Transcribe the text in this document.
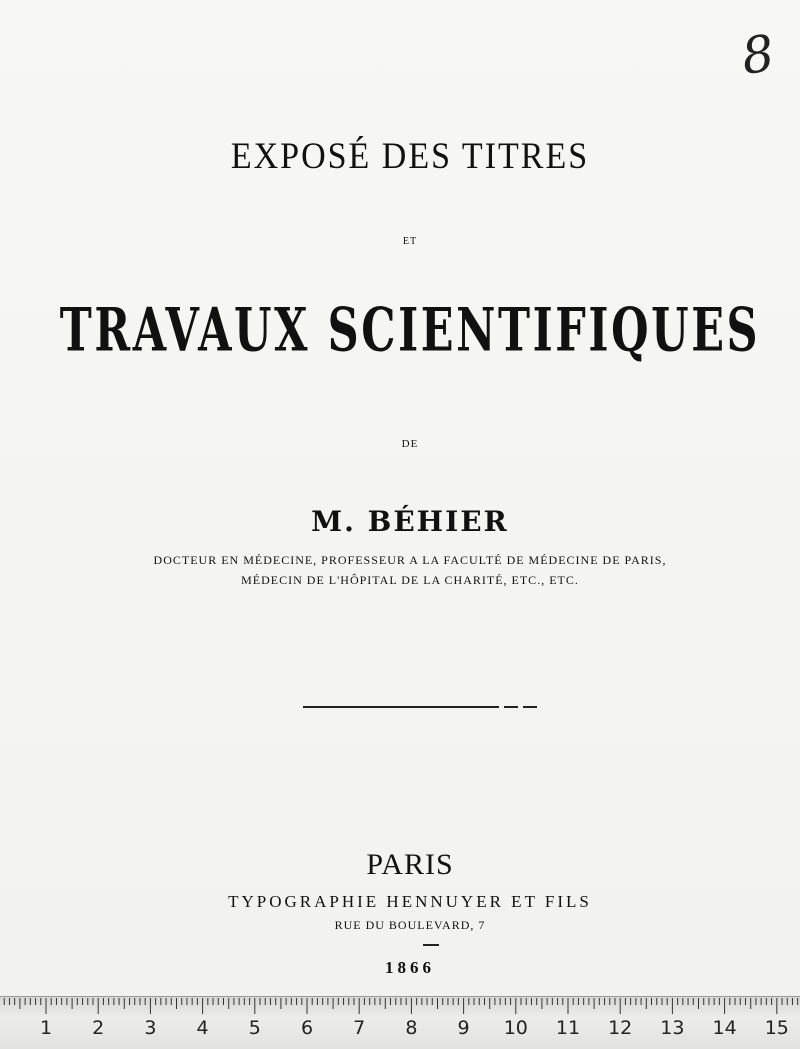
8
EXPOSÉ DES TITRES
ET
TRAVAUX SCIENTIFIQUES
DE
M. BÉHIER
DOCTEUR EN MÉDECINE, PROFESSEUR A LA FACULTÉ DE MÉDECINE DE PARIS,
MÉDECIN DE L'HÔPITAL DE LA CHARITÉ, ETC., ETC.
PARIS
TYPOGRAPHIE HENNUYER ET FILS
RUE DU BOULEVARD, 7
1866
1 2 3 4 5 6 7 8 9 10 11 12 13 14 15
